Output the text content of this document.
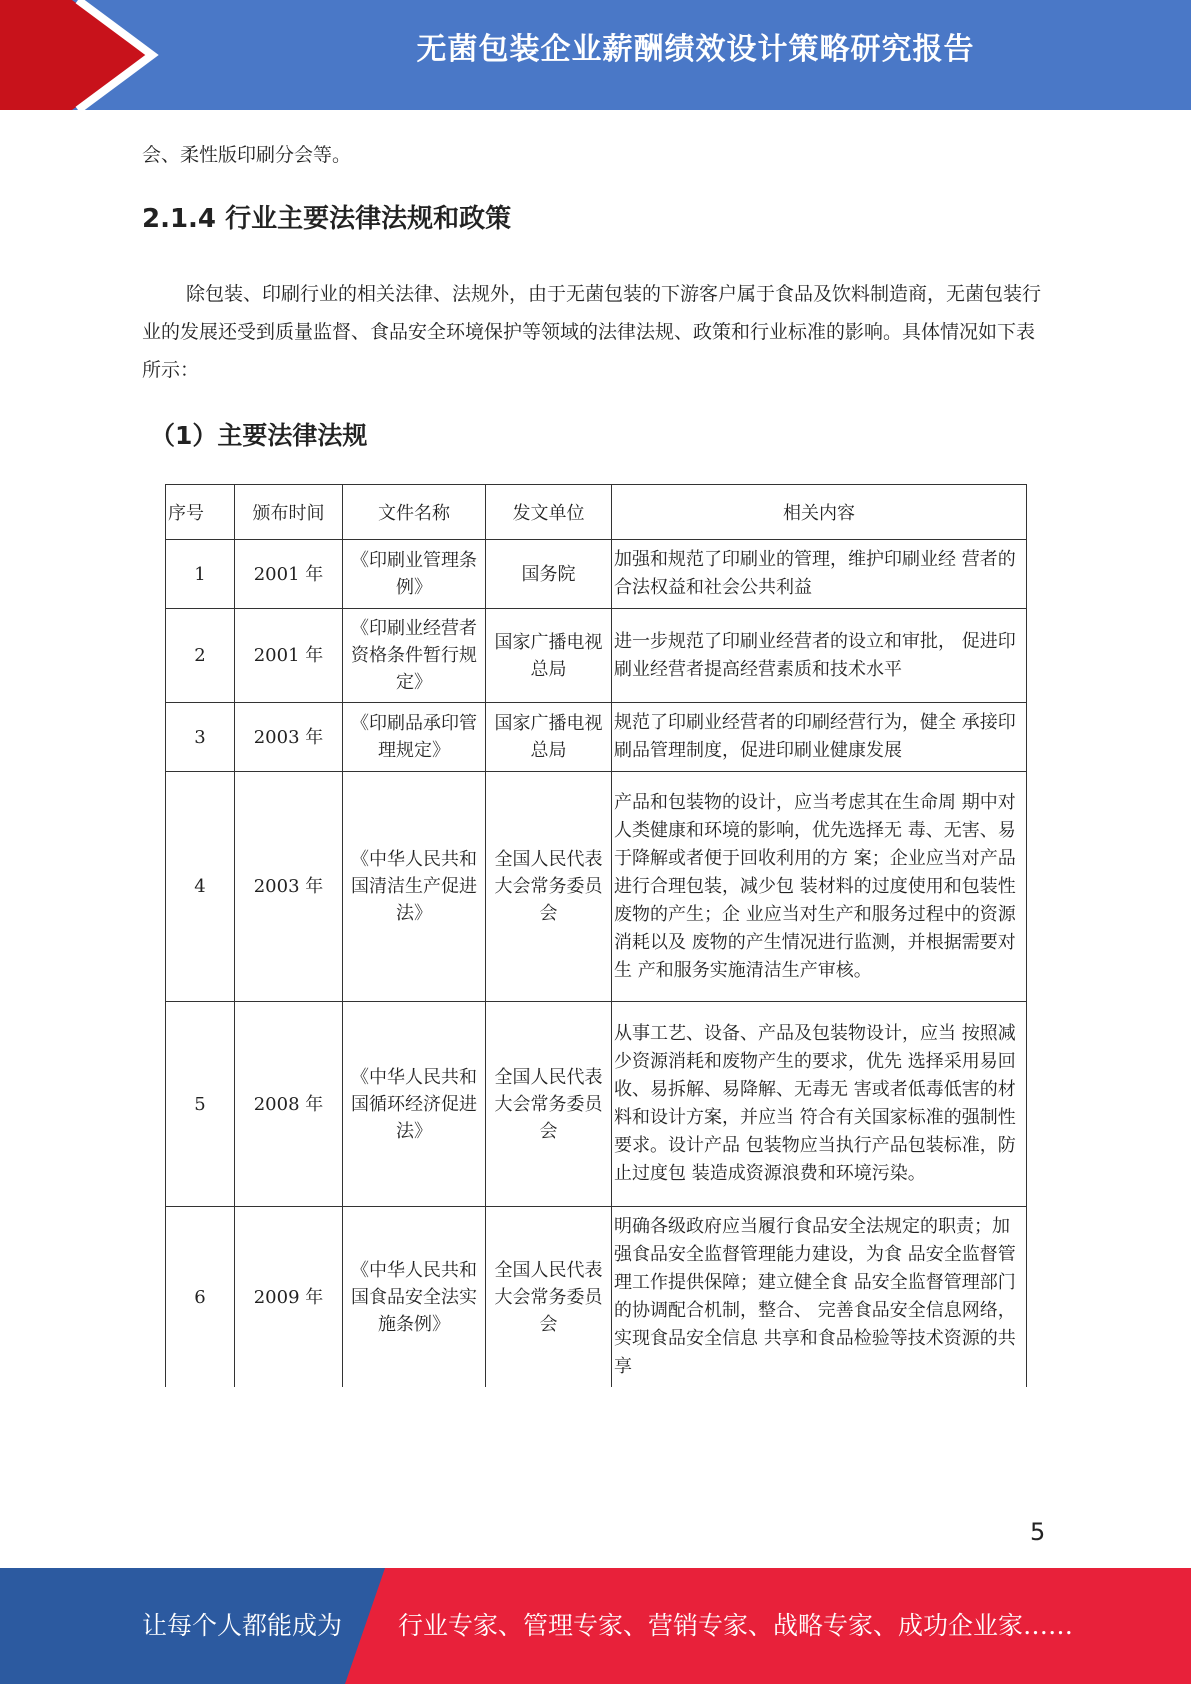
无菌包装企业薪酬绩效设计策略研究报告
会、柔性版印刷分会等。
2.1.4 行业主要法律法规和政策
除包装、印刷行业的相关法律、法规外，由于无菌包装的下游客户属于食品及饮料制造商，无菌包装行业的发展还受到质量监督、食品安全环境保护等领域的法律法规、政策和行业标准的影响。具体情况如下表所示：
（1）主要法律法规
序号	颁布时间	文件名称	发文单位	相关内容
1	2001 年	《印刷业管理条例》	国务院	加强和规范了印刷业的管理，维护印刷业经 营者的合法权益和社会公共利益
2	2001 年	《印刷业经营者资格条件暂行规定》	国家广播电视总局	进一步规范了印刷业经营者的设立和审批， 促进印刷业经营者提高经营素质和技术水平
3	2003 年	《印刷品承印管理规定》	国家广播电视总局	规范了印刷业经营者的印刷经营行为，健全 承接印刷品管理制度，促进印刷业健康发展
4	2003 年	《中华人民共和国清洁生产促进法》	全国人民代表大会常务委员会	产品和包装物的设计，应当考虑其在生命周 期中对人类健康和环境的影响，优先选择无 毒、无害、易于降解或者便于回收利用的方 案；企业应当对产品进行合理包装，减少包 装材料的过度使用和包装性废物的产生；企 业应当对生产和服务过程中的资源消耗以及 废物的产生情况进行监测，并根据需要对生 产和服务实施清洁生产审核。
5	2008 年	《中华人民共和国循环经济促进法》	全国人民代表大会常务委员会	从事工艺、设备、产品及包装物设计，应当 按照减少资源消耗和废物产生的要求，优先 选择采用易回收、易拆解、易降解、无毒无 害或者低毒低害的材料和设计方案，并应当 符合有关国家标准的强制性要求。设计产品 包装物应当执行产品包装标准，防止过度包 装造成资源浪费和环境污染。
6	2009 年	《中华人民共和国食品安全法实施条例》	全国人民代表大会常务委员会	明确各级政府应当履行食品安全法规定的职责；加强食品安全监督管理能力建设，为食 品安全监督管理工作提供保障；建立健全食 品安全监督管理部门的协调配合机制，整合、 完善食品安全信息网络，实现食品安全信息 共享和食品检验等技术资源的共享
5
让每个人都能成为 行业专家、管理专家、营销专家、战略专家、成功企业家……
